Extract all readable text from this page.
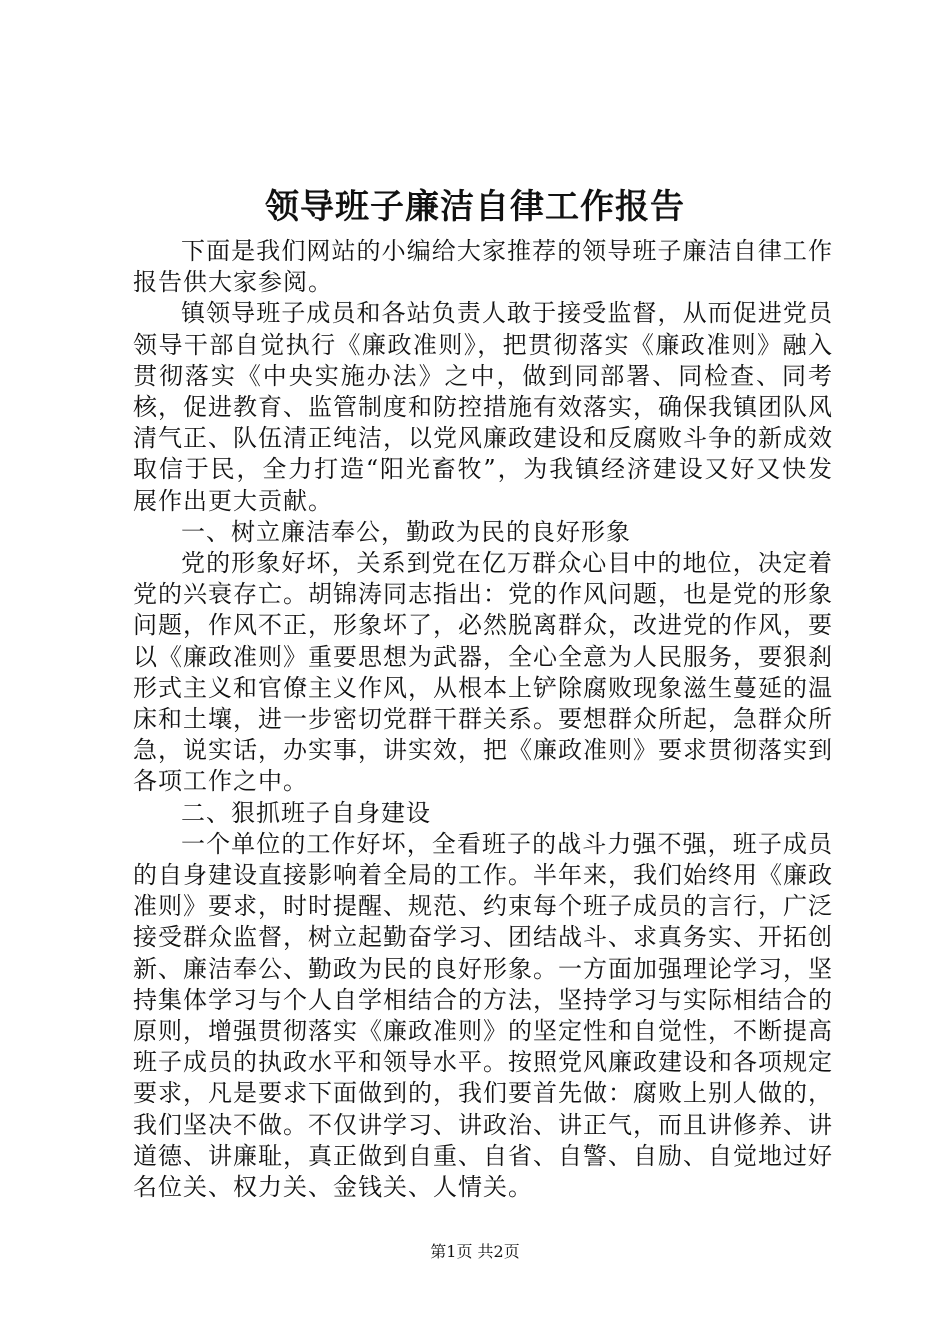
领导班子廉洁自律工作报告

下面是我们网站的小编给大家推荐的领导班子廉洁自律工作报告供大家参阅。

镇领导班子成员和各站负责人敢于接受监督，从而促进党员领导干部自觉执行《廉政准则》，把贯彻落实《廉政准则》融入贯彻落实《中央实施办法》之中，做到同部署、同检查、同考核，促进教育、监管制度和防控措施有效落实，确保我镇团队风清气正、队伍清正纯洁，以党风廉政建设和反腐败斗争的新成效取信于民，全力打造“阳光畜牧”，为我镇经济建设又好又快发展作出更大贡献。

一、树立廉洁奉公，勤政为民的良好形象

党的形象好坏，关系到党在亿万群众心目中的地位，决定着党的兴衰存亡。胡锦涛同志指出：党的作风问题，也是党的形象问题，作风不正，形象坏了，必然脱离群众，改进党的作风，要以《廉政准则》重要思想为武器，全心全意为人民服务，要狠刹形式主义和官僚主义作风，从根本上铲除腐败现象滋生蔓延的温床和土壤，进一步密切党群干群关系。要想群众所起，急群众所急，说实话，办实事，讲实效，把《廉政准则》要求贯彻落实到各项工作之中。

二、狠抓班子自身建设

一个单位的工作好坏，全看班子的战斗力强不强，班子成员的自身建设直接影响着全局的工作。半年来，我们始终用《廉政准则》要求，时时提醒、规范、约束每个班子成员的言行，广泛接受群众监督，树立起勤奋学习、团结战斗、求真务实、开拓创新、廉洁奉公、勤政为民的良好形象。一方面加强理论学习，坚持集体学习与个人自学相结合的方法，坚持学习与实际相结合的原则，增强贯彻落实《廉政准则》的坚定性和自觉性，不断提高班子成员的执政水平和领导水平。按照党风廉政建设和各项规定要求，凡是要求下面做到的，我们要首先做：腐败上别人做的，我们坚决不做。不仅讲学习、讲政治、讲正气，而且讲修养、讲道德、讲廉耻，真正做到自重、自省、自警、自励、自觉地过好名位关、权力关、金钱关、人情关。

第1页 共2页
